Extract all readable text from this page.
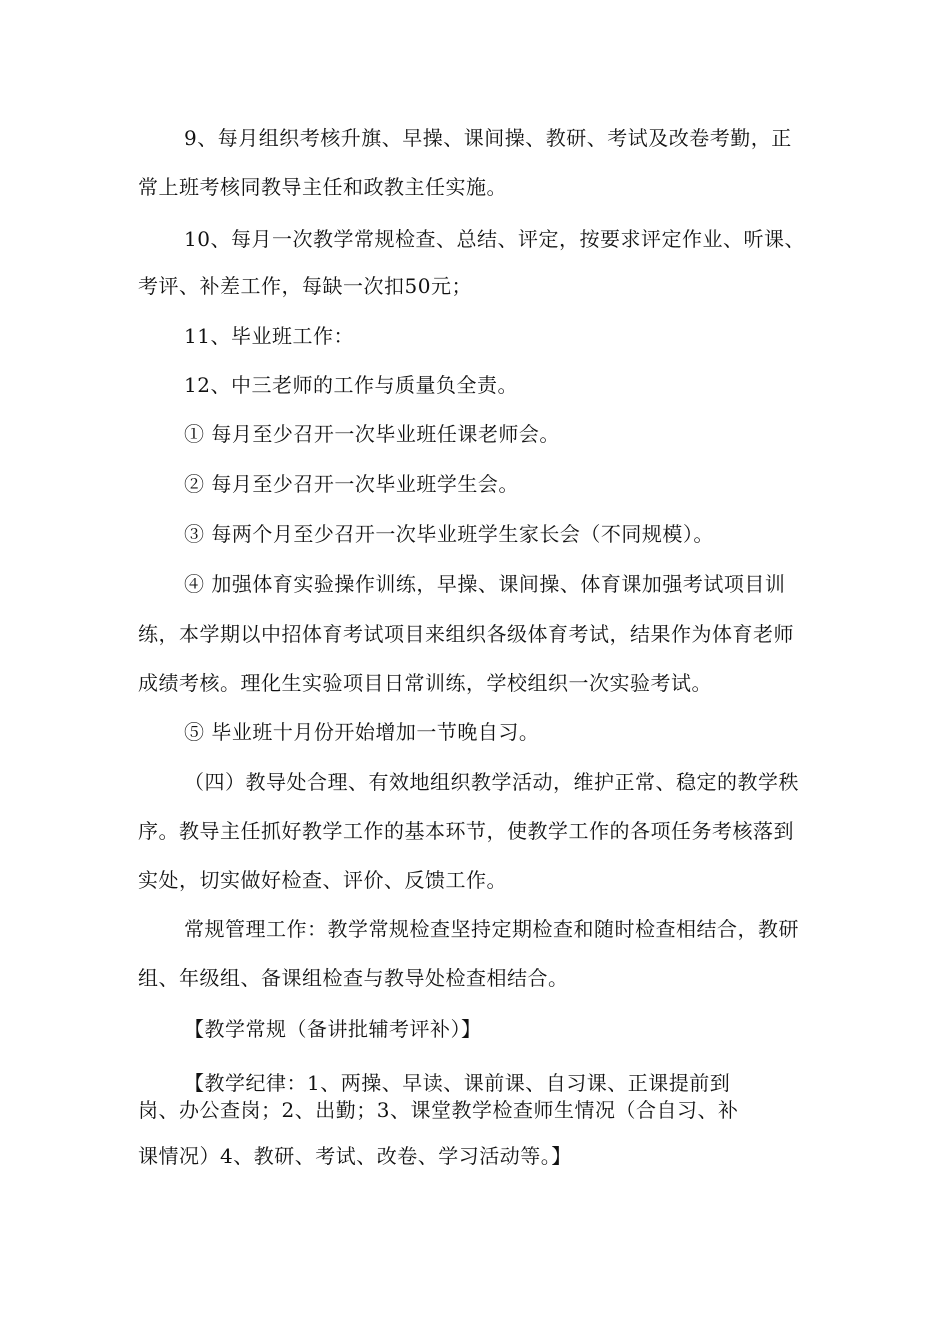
9、每月组织考核升旗、早操、课间操、教研、考试及改卷考勤，正
常上班考核同教导主任和政教主任实施。
10、每月一次教学常规检查、总结、评定，按要求评定作业、听课、
考评、补差工作，每缺一次扣50元；
11、毕业班工作：
12、中三老师的工作与质量负全责。
① 每月至少召开一次毕业班任课老师会。
② 每月至少召开一次毕业班学生会。
③ 每两个月至少召开一次毕业班学生家长会（不同规模）。
④ 加强体育实验操作训练，早操、课间操、体育课加强考试项目训
练，本学期以中招体育考试项目来组织各级体育考试，结果作为体育老师
成绩考核。理化生实验项目日常训练，学校组织一次实验考试。
⑤ 毕业班十月份开始增加一节晚自习。
（四）教导处合理、有效地组织教学活动，维护正常、稳定的教学秩
序。教导主任抓好教学工作的基本环节，使教学工作的各项任务考核落到
实处，切实做好检查、评价、反馈工作。
常规管理工作：教学常规检查坚持定期检查和随时检查相结合，教研
组、年级组、备课组检查与教导处检查相结合。
【教学常规（备讲批辅考评补）】
【教学纪律：1、两操、早读、课前课、自习课、正课提前到
岗、办公查岗；2、出勤；3、课堂教学检查师生情况（合自习、补
课情况）4、教研、考试、改卷、学习活动等。】
